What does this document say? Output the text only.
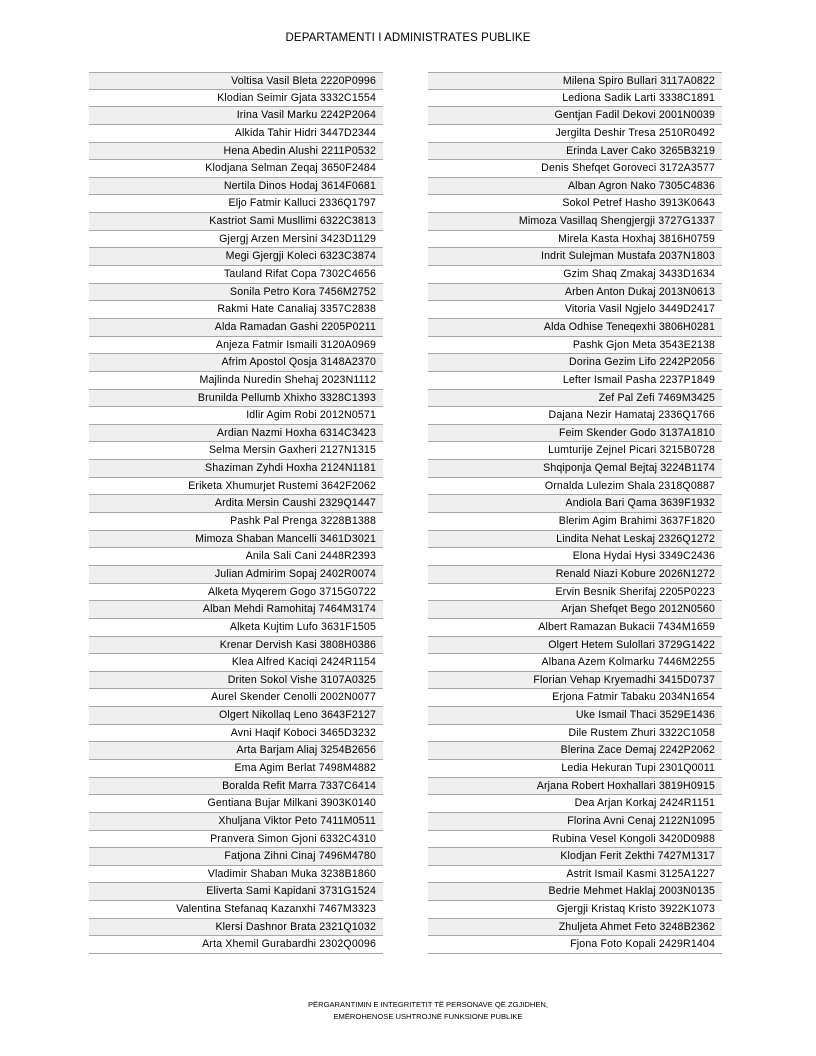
DEPARTAMENTI I ADMINISTRATES PUBLIKE
Voltisa Vasil Bleta 2220P0996
Klodian Seimir Gjata 3332C1554
Irina Vasil Marku 2242P2064
Alkida Tahir Hidri 3447D2344
Hena Abedin Alushi 2211P0532
Klodjana Selman Zeqaj 3650F2484
Nertila Dinos Hodaj 3614F0681
Eljo Fatmir Kalluci 2336Q1797
Kastriot Sami Musllimi 6322C3813
Gjergj Arzen Mersini 3423D1129
Megi Gjergji Koleci 6323C3874
Tauland Rifat Copa 7302C4656
Sonila Petro Kora 7456M2752
Rakmi Hate Canaliaj 3357C2838
Alda Ramadan Gashi 2205P0211
Anjeza Fatmir Ismaili 3120A0969
Afrim Apostol Qosja 3148A2370
Majlinda Nuredin Shehaj 2023N1112
Brunilda Pellumb Xhixho 3328C1393
Idlir Agim Robi 2012N0571
Ardian Nazmi Hoxha 6314C3423
Selma Mersin Gaxheri 2127N1315
Shaziman Zyhdi Hoxha 2124N1181
Eriketa Xhumurjet Rustemi 3642F2062
Ardita Mersin Caushi 2329Q1447
Pashk Pal Prenga 3228B1388
Mimoza Shaban Mancelli 3461D3021
Anila Sali Cani 2448R2393
Julian Admirim Sopaj 2402R0074
Alketa Myqerem Gogo 3715G0722
Alban Mehdi Ramohitaj 7464M3174
Alketa Kujtim Lufo 3631F1505
Krenar Dervish Kasi 3808H0386
Klea Alfred Kaciqi 2424R1154
Driten Sokol Vishe 3107A0325
Aurel Skender Cenolli 2002N0077
Olgert Nikollaq Leno 3643F2127
Avni Haqif Koboci 3465D3232
Arta Barjam Aliaj 3254B2656
Ema Agim Berlat 7498M4882
Boralda Refit Marra 7337C6414
Gentiana Bujar Milkani 3903K0140
Xhuljana Viktor Peto 7411M0511
Pranvera Simon Gjoni 6332C4310
Fatjona Zihni Cinaj 7496M4780
Vladimir Shaban Muka 3238B1860
Eliverta Sami Kapidani 3731G1524
Valentina Stefanaq Kazanxhi 7467M3323
Klersi Dashnor Brata 2321Q1032
Arta Xhemil Gurabardhi 2302Q0096
Milena Spiro Bullari 3117A0822
Lediona Sadik Larti 3338C1891
Gentjan Fadil Dekovi 2001N0039
Jergilta Deshir Tresa 2510R0492
Erinda Laver Cako 3265B3219
Denis Shefqet Goroveci 3172A3577
Alban Agron Nako 7305C4836
Sokol Petref Hasho 3913K0643
Mimoza Vasillaq Shengjergji 3727G1337
Mirela Kasta Hoxhaj 3816H0759
Indrit Sulejman Mustafa 2037N1803
Gzim Shaq Zmakaj 3433D1634
Arben Anton Dukaj 2013N0613
Vitoria Vasil Ngjelo 3449D2417
Alda Odhise Teneqexhi 3806H0281
Pashk Gjon Meta 3543E2138
Dorina Gezim Lifo 2242P2056
Lefter Ismail Pasha 2237P1849
Zef Pal Zefi 7469M3425
Dajana Nezir Hamataj 2336Q1766
Feim Skender Godo 3137A1810
Lumturije Zejnel Picari 3215B0728
Shqiponja Qemal Bejtaj 3224B1174
Ornalda Lulezim Shala 2318Q0887
Andiola Bari Qama 3639F1932
Blerim Agim Brahimi 3637F1820
Lindita Nehat Leskaj 2326Q1272
Elona Hydai Hysi 3349C2436
Renald Niazi Kobure 2026N1272
Ervin Besnik Sherifaj 2205P0223
Arjan Shefqet Bego 2012N0560
Albert Ramazan Bukacii 7434M1659
Olgert Hetem Sulollari 3729G1422
Albana Azem Kolmarku 7446M2255
Florian Vehap Kryemadhi 3415D0737
Erjona Fatmir Tabaku 2034N1654
Uke Ismail Thaci 3529E1436
Dile Rustem Zhuri 3322C1058
Blerina Zace Demaj 2242P2062
Ledia Hekuran Tupi 2301Q0011
Arjana Robert Hoxhallari 3819H0915
Dea Arjan Korkaj 2424R1151
Florina Avni Cenaj 2122N1095
Rubina Vesel Kongoli 3420D0988
Klodjan Ferit Zekthi 7427M1317
Astrit Ismail Kasmi 3125A1227
Bedrie Mehmet Haklaj 2003N0135
Gjergji Kristaq Kristo 3922K1073
Zhuljeta Ahmet Feto 3248B2362
Fjona Foto Kopali 2429R1404
PËRGARANTIMIN E INTEGRITETIT TË PERSONAVE QË ZGJIDHEN,
EMËROHENOSE USHTROJNË FUNKSIONE PUBLIKE
